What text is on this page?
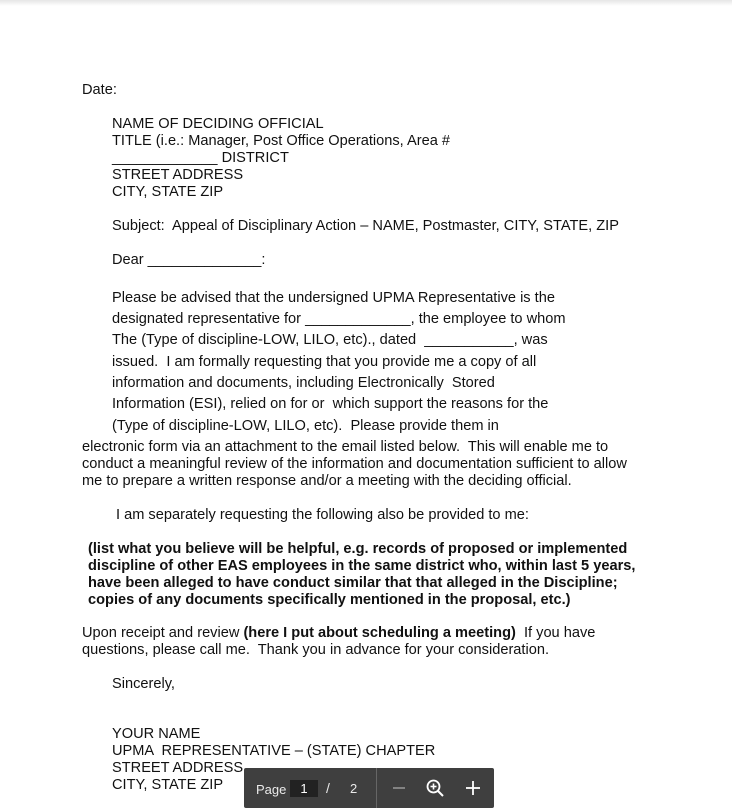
Date:
NAME OF DECIDING OFFICIAL
TITLE (i.e.: Manager, Post Office Operations, Area #
_____________ DISTRICT
STREET ADDRESS
CITY, STATE ZIP
Subject:  Appeal of Disciplinary Action – NAME, Postmaster, CITY, STATE, ZIP
Dear ______________:
Please be advised that the undersigned UPMA Representative is the
designated representative for _____________, the employee to whom
The (Type of discipline-LOW, LILO, etc)., dated  ___________, was
issued.  I am formally requesting that you provide me a copy of all
information and documents, including Electronically  Stored
Information (ESI), relied on for or  which support the reasons for the
(Type of discipline-LOW, LILO, etc).  Please provide them in
electronic form via an attachment to the email listed below.  This will enable me to
conduct a meaningful review of the information and documentation sufficient to allow
me to prepare a written response and/or a meeting with the deciding official.
I am separately requesting the following also be provided to me:
(list what you believe will be helpful, e.g. records of proposed or implemented
discipline of other EAS employees in the same district who, within last 5 years,
have been alleged to have conduct similar that that alleged in the Discipline;
copies of any documents specifically mentioned in the proposal, etc.)
Upon receipt and review (here I put about scheduling a meeting)  If you have
questions, please call me.  Thank you in advance for your consideration.
Sincerely,
YOUR NAME
UPMA  REPRESENTATIVE – (STATE) CHAPTER
STREET ADDRESS
CITY, STATE ZIP	Page	1	/ 2
